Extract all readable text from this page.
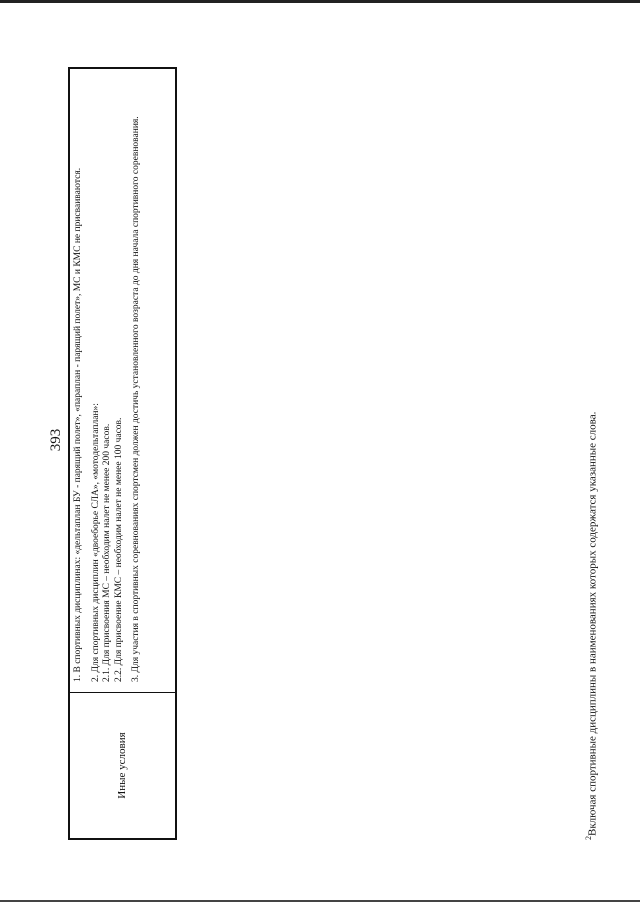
393
Иные условия

1. В спортивных дисциплинах: «дельтаплан БУ - парящий полет», «параплан - парящий полет», МС и КМС не присваиваются. 2. Для спортивных дисциплин «двоеборье СЛА», «мотодельтаплан»: 2.1. Для присвоения МС – необходим налет не менее 200 часов. 2.2. Для присвоение КМС – необходим налет не менее 100 часов. 3. Для участия в спортивных соревнованиях спортсмен должен достичь установленного возраста до дня начала спортивного соревнования.

$^2$Включая спортивные дисциплины в наименованиях которых содержатся указанные слова.
